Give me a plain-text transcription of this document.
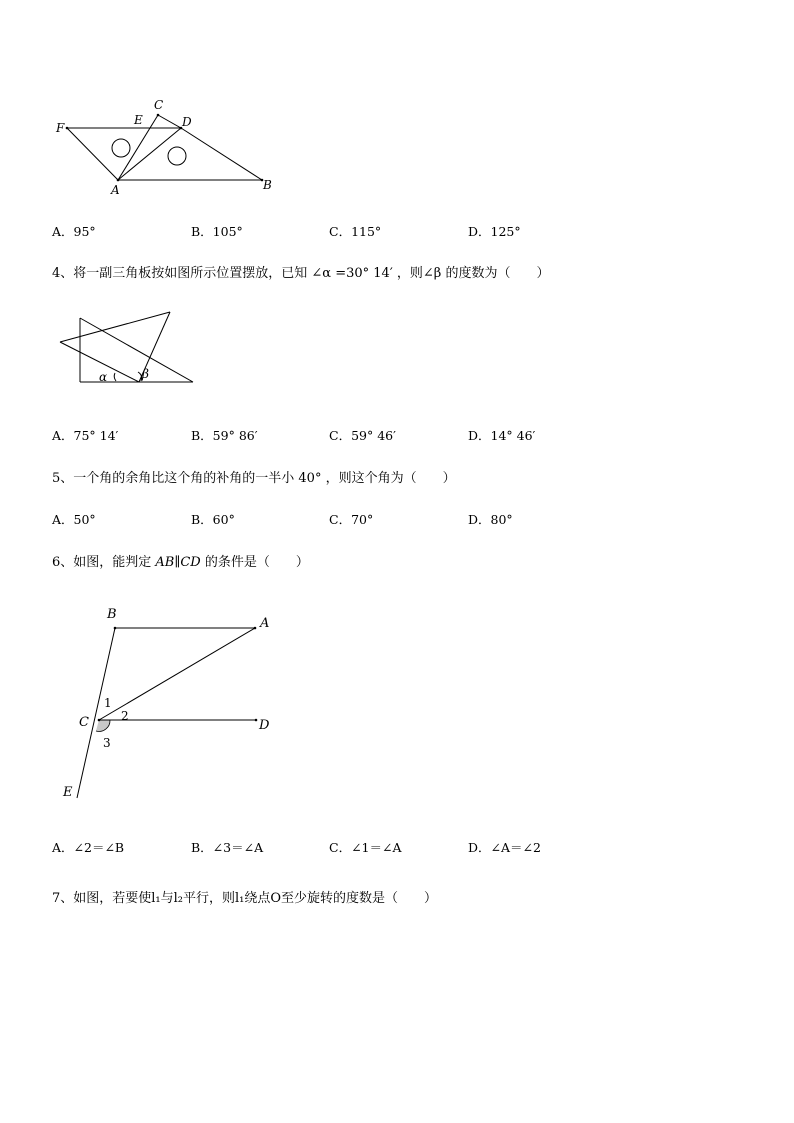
F
E
C
D
A	B
A．95°	B．105°	C．115°	D．125°
4、将一副三角板按如图所示位置摆放，已知 ∠α =30° 14′ ，则∠β 的度数为（　　）
α	β
A．75° 14′	B．59° 86′	C．59° 46′	D．14° 46′
5、一个角的余角比这个角的补角的一半小 40° ，则这个角为（　　）
A．50°	B．60°	C．70°	D．80°
6、如图，能判定 AB∥CD 的条件是（　　）
B
A
C	D
E
1
2
3
A．∠2＝∠B	B．∠3＝∠A	C．∠1＝∠A	D．∠A＝∠2
7、如图，若要使l₁与l₂平行，则l₁绕点O至少旋转的度数是（　　）
